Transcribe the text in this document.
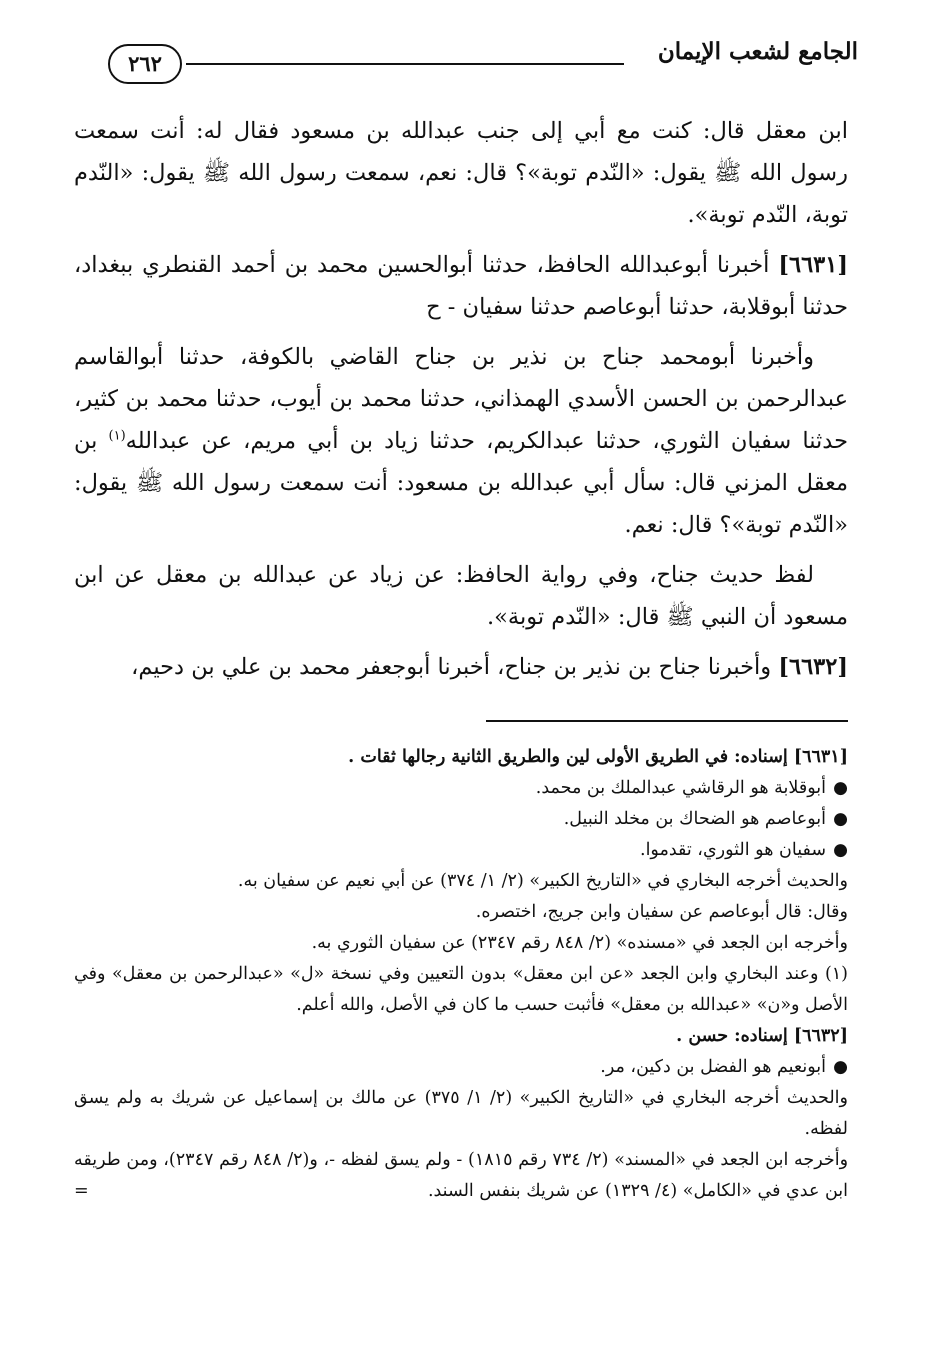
الجامع لشعب الإيمان
٢٦٢

ابن معقل قال: كنت مع أبي إلى جنب عبدالله بن مسعود فقال له: أنت سمعت رسول الله ﷺ يقول: «النّدم توبة»؟ قال: نعم، سمعت رسول الله ﷺ يقول: «النّدم توبة، النّدم توبة».

[٦٦٣١] أخبرنا أبوعبدالله الحافظ، حدثنا أبوالحسين محمد بن أحمد القنطري ببغداد، حدثنا أبوقلابة، حدثنا أبوعاصم حدثنا سفيان - ح

وأخبرنا أبومحمد جناح بن نذير بن جناح القاضي بالكوفة، حدثنا أبوالقاسم عبدالرحمن بن الحسن الأسدي الهمذاني، حدثنا محمد بن أيوب، حدثنا محمد بن كثير، حدثنا سفيان الثوري، حدثنا عبدالكريم، حدثنا زياد بن أبي مريم، عن عبدالله$^{(١)}$ بن معقل المزني قال: سأل أبي عبدالله بن مسعود: أنت سمعت رسول الله ﷺ يقول: «النّدم توبة»؟ قال: نعم.

لفظ حديث جناح، وفي رواية الحافظ: عن زياد عن عبدالله بن معقل عن ابن مسعود أن النبي ﷺ قال: «النّدم توبة».

[٦٦٣٢] وأخبرنا جناح بن نذير بن جناح، أخبرنا أبوجعفر محمد بن علي بن دحيم،

[٦٦٣١] إسناده: في الطريق الأولى لين والطريق الثانية رجالها ثقات .

●
أبوقلابة هو الرقاشي عبدالملك بن محمد.

●
أبوعاصم هو الضحاك بن مخلد النبيل.

●
سفيان هو الثوري، تقدموا.

والحديث أخرجه البخاري في «التاريخ الكبير» (٢/ ١/ ٣٧٤) عن أبي نعيم عن سفيان به.

وقال: قال أبوعاصم عن سفيان وابن جريج، اختصره.

وأخرجه ابن الجعد في «مسنده» (٢/ ٨٤٨ رقم ٢٣٤٧) عن سفيان الثوري به.

(١) وعند البخاري وابن الجعد «عن ابن معقل» بدون التعيين وفي نسخة «ل» «عبدالرحمن بن معقل» وفي الأصل و«ن» «عبدالله بن معقل» فأثبت حسب ما كان في الأصل، والله أعلم.

[٦٦٣٢] إسناده: حسن .

●
أبونعيم هو الفضل بن دكين، مر.

والحديث أخرجه البخاري في «التاريخ الكبير» (٢/ ١/ ٣٧٥) عن مالك بن إسماعيل عن شريك به ولم يسق لفظه.

وأخرجه ابن الجعد في «المسند» (٢/ ٧٣٤ رقم ١٨١٥) - ولم يسق لفظه -، و(٢/ ٨٤٨ رقم ٢٣٤٧)، ومن طريقه ابن عدي في «الكامل» (٤/ ١٣٢٩) عن شريك بنفس السند.
=
